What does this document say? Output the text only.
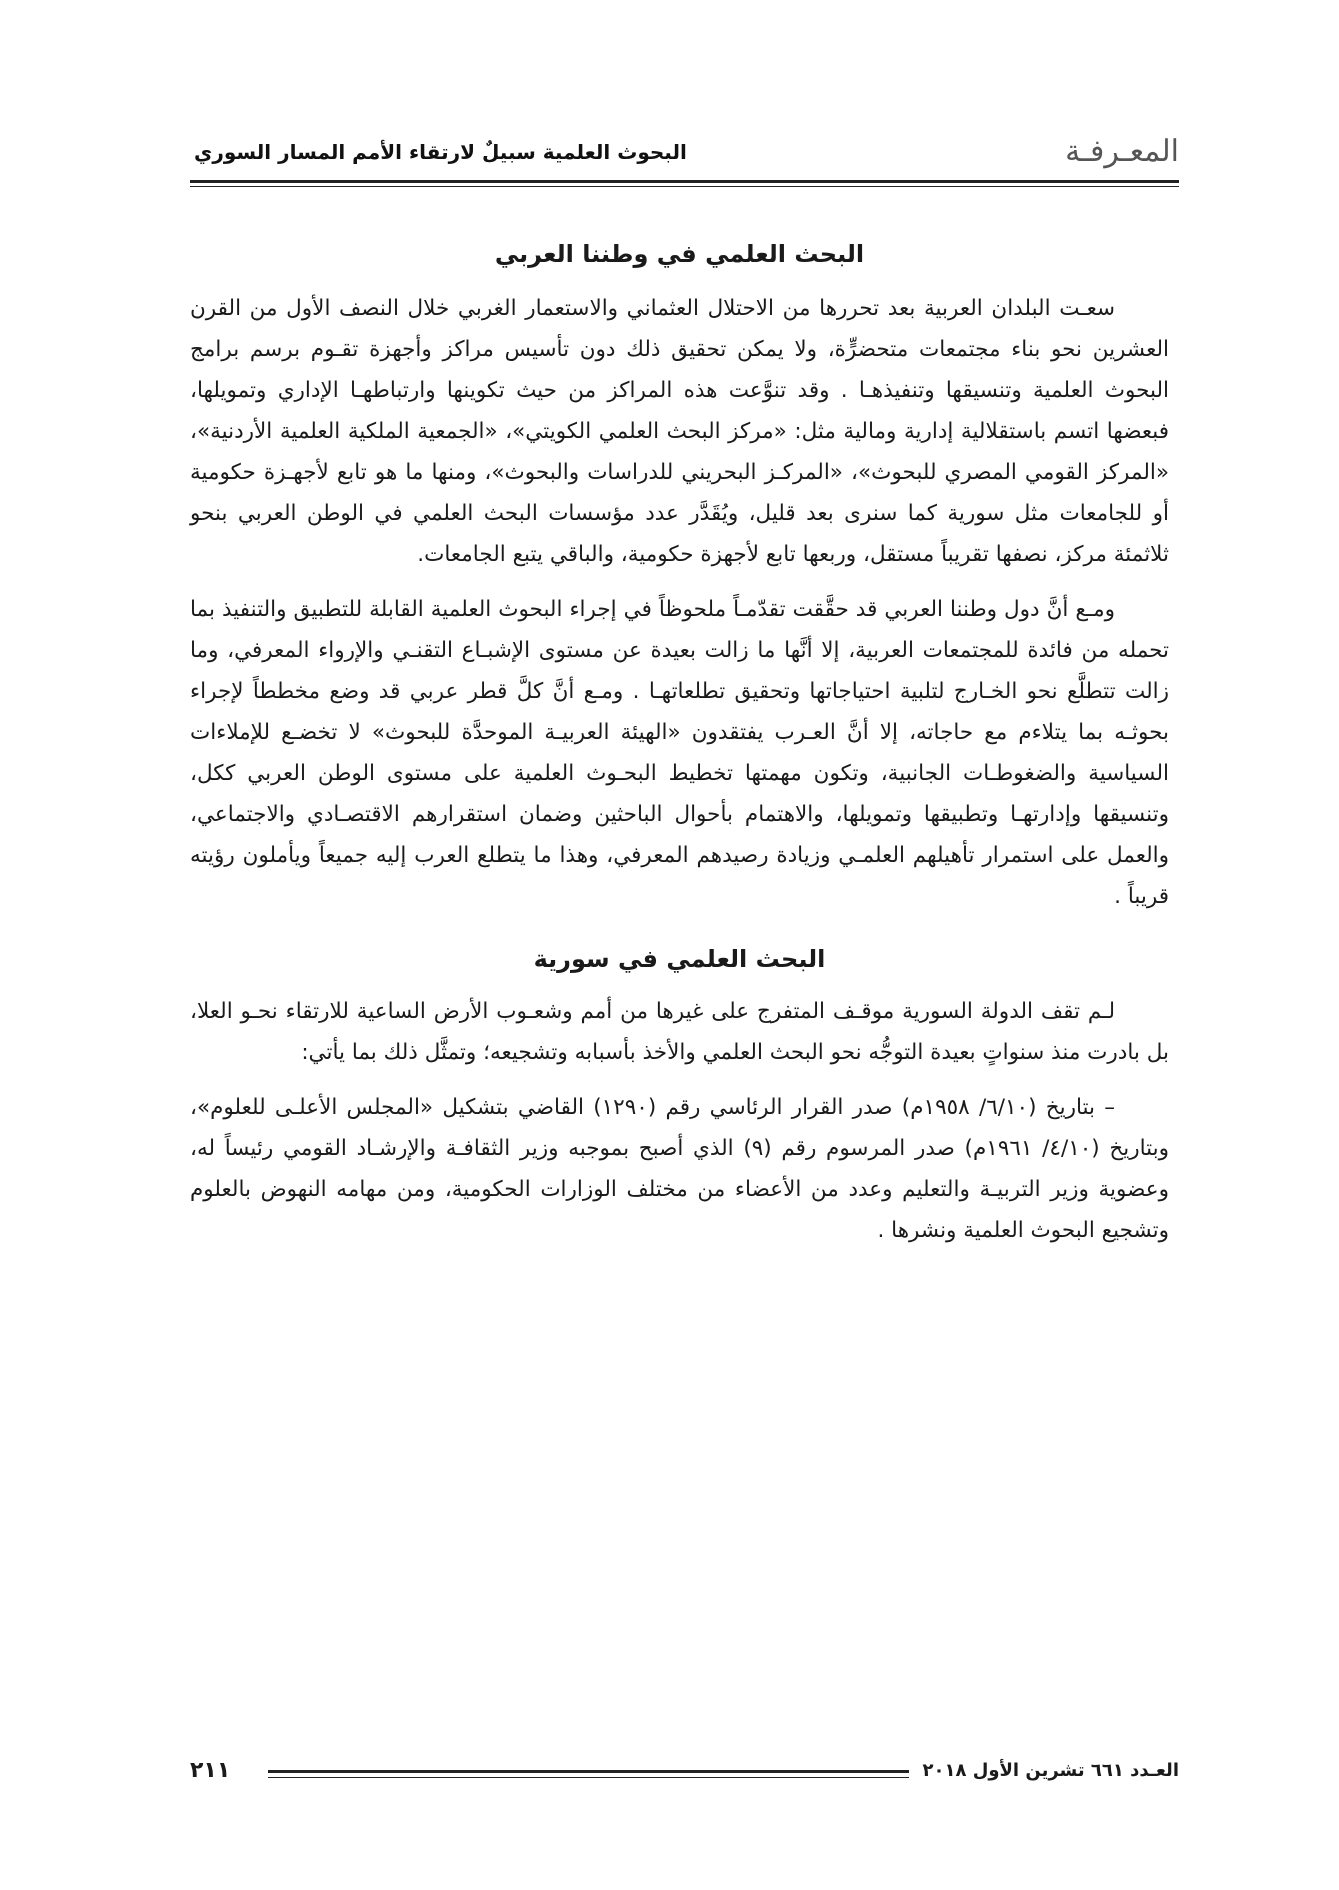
المعـرفـة
البحوث العلمية سبيلٌ لارتقاء الأمم المسار السوري
البحث العلمي في وطننا العربي

سعـت البلدان العربية بعد تحررها من الاحتلال العثماني والاستعمار الغربي خلال النصف الأول من القرن العشرين نحو بناء مجتمعات متحضرٍّة، ولا يمكن تحقيق ذلك دون تأسيس مراكز وأجهزة تقـوم برسم برامج البحوث العلمية وتنسيقها وتنفيذهـا . وقد تنوَّعت هذه المراكز من حيث تكوينها وارتباطهـا الإداري وتمويلها، فبعضها اتسم باستقلالية إدارية ومالية مثل: «مركز البحث العلمي الكويتي»، «الجمعية الملكية العلمية الأردنية»، «المركز القومي المصري للبحوث»، «المركـز البحريني للدراسات والبحوث»، ومنها ما هو تابع لأجهـزة حكومية أو للجامعات مثل سورية كما سنرى بعد قليل، ويُقَدَّر عدد مؤسسات البحث العلمي في الوطن العربي بنحو ثلاثمئة مركز، نصفها تقريباً مستقل، وربعها تابع لأجهزة حكومية، والباقي يتبع الجامعات.

ومـع أنَّ دول وطننا العربي قد حقَّقت تقدّمـاً ملحوظاً في إجراء البحوث العلمية القابلة للتطبيق والتنفيذ بما تحمله من فائدة للمجتمعات العربية، إلا أنَّها ما زالت بعيدة عن مستوى الإشبـاع التقنـي والإرواء المعرفي، وما زالت تتطلَّع نحو الخـارج لتلبية احتياجاتها وتحقيق تطلعاتهـا . ومـع أنَّ كلَّ قطر عربي قد وضع مخططاً لإجراء بحوثـه بما يتلاءم مع حاجاته، إلا أنَّ العـرب يفتقدون «الهيئة العربيـة الموحدَّة للبحوث» لا تخضـع للإملاءات السياسية والضغوطـات الجانبية، وتكون مهمتها تخطيط البحـوث العلمية على مستوى الوطن العربي ككل، وتنسيقها وإدارتهـا وتطبيقها وتمويلها، والاهتمام بأحوال الباحثين وضمان استقرارهم الاقتصـادي والاجتماعي، والعمل على استمرار تأهيلهم العلمـي وزيادة رصيدهم المعرفي، وهذا ما يتطلع العرب إليه جميعاً ويأملون رؤيته قريباً .

البحث العلمي في سورية

لـم تقف الدولة السورية موقـف المتفرج على غيرها من أمم وشعـوب الأرض الساعية للارتقاء نحـو العلا، بل بادرت منذ سنواتٍ بعيدة التوجُّه نحو البحث العلمي والأخذ بأسبابه وتشجيعه؛ وتمثَّل ذلك بما يأتي:

– بتاريخ (٦/١٠/ ١٩٥٨م) صدر القرار الرئاسي رقم (١٢٩٠) القاضي بتشكيل «المجلس الأعلـى للعلوم»، وبتاريخ (٤/١٠/ ١٩٦١م) صدر المرسوم رقم (٩) الذي أصبح بموجبه وزير الثقافـة والإرشـاد القومي رئيساً له، وعضوية وزير التربيـة والتعليم وعدد من الأعضاء من مختلف الوزارات الحكومية، ومن مهامه النهوض بالعلوم وتشجيع البحوث العلمية ونشرها .

العـدد ٦٦١ تشرين الأول ٢٠١٨
٢١١
